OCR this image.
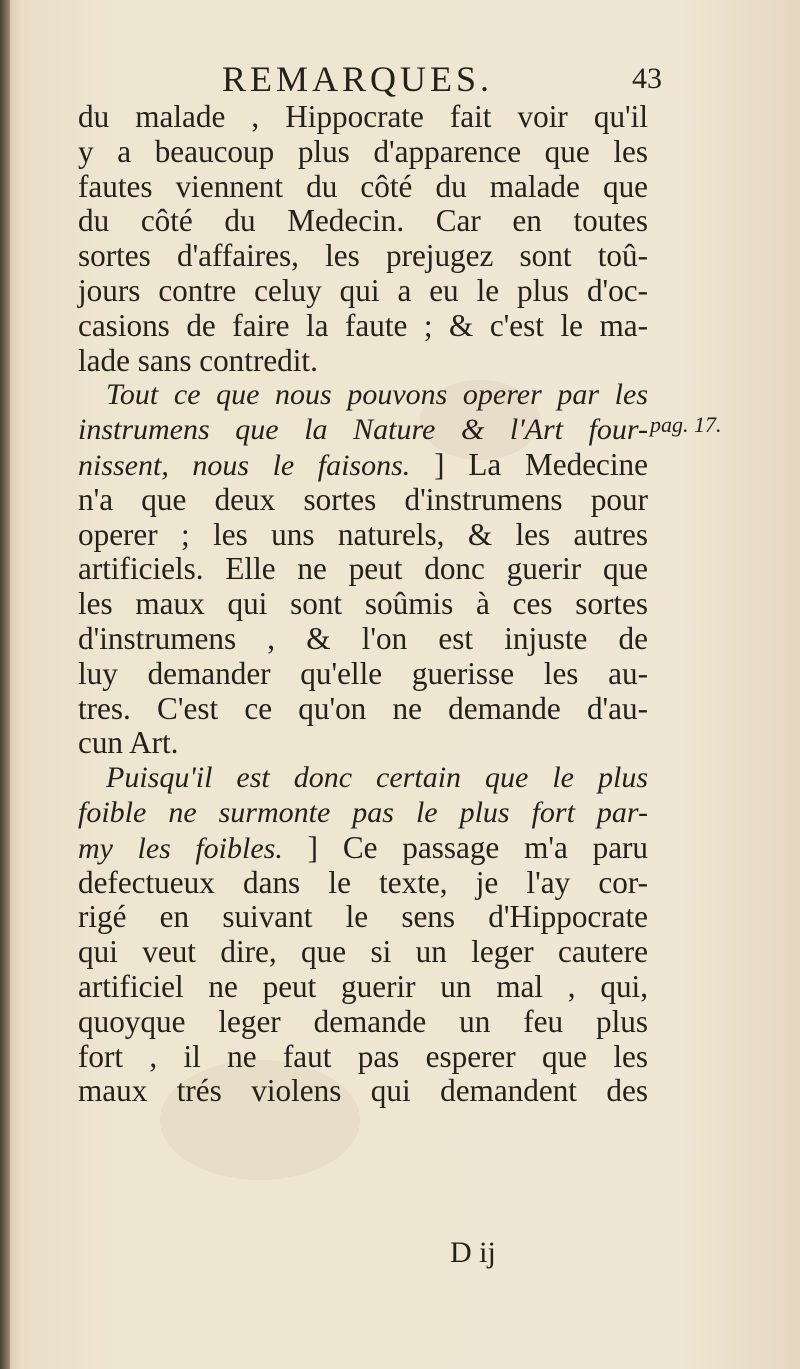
REMARQUES.	43
du malade , Hippocrate fait voir qu'il
y a beaucoup plus d'apparence que les
fautes viennent du côté du malade que
du côté du Medecin. Car en toutes
sortes d'affaires, les prejugez sont toû-
jours contre celuy qui a eu le plus d'oc-
casions de faire la faute ; & c'est le ma-
lade sans contredit.
Tout ce que nous pouvons operer par les
instrumens que la Nature & l'Art four-
nissent, nous le faisons. ] La Medecine
n'a que deux sortes d'instrumens pour
operer ; les uns naturels, & les autres
artificiels. Elle ne peut donc guerir que
les maux qui sont soûmis à ces sortes
d'instrumens , & l'on est injuste de
luy demander qu'elle guerisse les au-
tres. C'est ce qu'on ne demande d'au-
cun Art.
Puisqu'il est donc certain que le plus
foible ne surmonte pas le plus fort par-
my les foibles. ] Ce passage m'a paru
defectueux dans le texte, je l'ay cor-
rigé en suivant le sens d'Hippocrate
qui veut dire, que si un leger cautere
artificiel ne peut guerir un mal , qui,
quoyque leger demande un feu plus
fort , il ne faut pas esperer que les
maux trés violens qui demandent des
pag. 17.
D ij
